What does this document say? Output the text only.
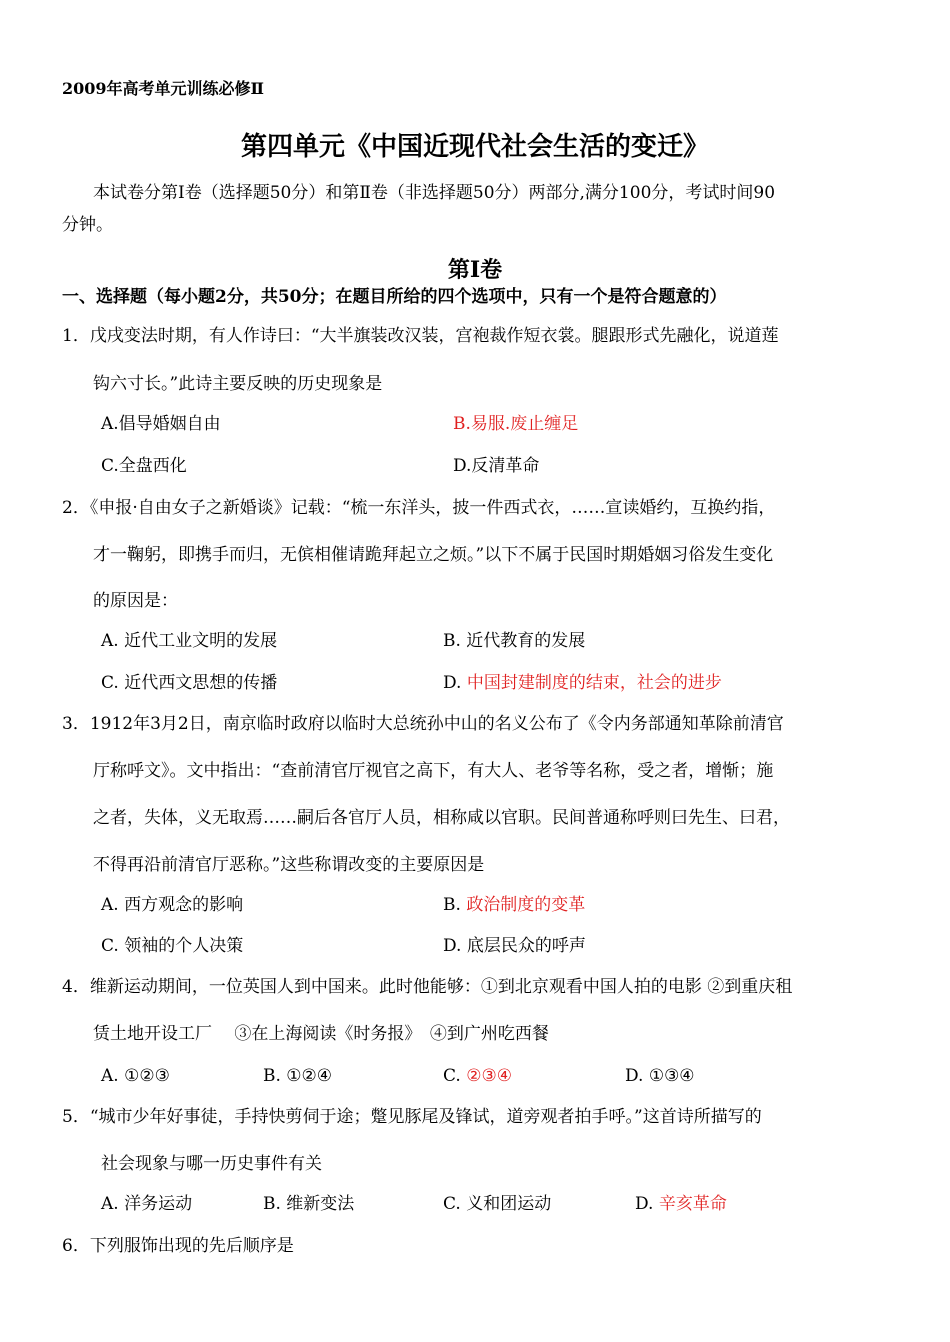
2009年高考单元训练必修Ⅱ
第四单元《中国近现代社会生活的变迁》
本试卷分第Ⅰ卷（选择题50分）和第Ⅱ卷（非选择题50分）两部分,满分100分，考试时间90
分钟。
第Ⅰ卷
一、选择题（每小题2分，共50分；在题目所给的四个选项中，只有一个是符合题意的）
1．戊戌变法时期，有人作诗曰：“大半旗装改汉装，宫袍裁作短衣裳。腿跟形式先融化，说道莲
钩六寸长。”此诗主要反映的历史现象是
A.倡导婚姻自由	B.易服.废止缠足
C.全盘西化	D.反清革命
2．《申报·自由女子之新婚谈》记载：“梳一东洋头，披一件西式衣，……宣读婚约，互换约指，
才一鞠躬，即携手而归，无傧相催请跪拜起立之烦。”以下不属于民国时期婚姻习俗发生变化
的原因是：
A. 近代工业文明的发展	B. 近代教育的发展
C. 近代西文思想的传播	D. 中国封建制度的结束，社会的进步
3．1912年3月2日，南京临时政府以临时大总统孙中山的名义公布了《令内务部通知革除前清官
厅称呼文》。文中指出：“查前清官厅视官之高下，有大人、老爷等名称，受之者，增惭；施
之者，失体，义无取焉……嗣后各官厅人员，相称咸以官职。民间普通称呼则曰先生、曰君，
不得再沿前清官厅恶称。”这些称谓改变的主要原因是
A. 西方观念的影响	B. 政治制度的变革
C. 领袖的个人决策	D. 底层民众的呼声
4．维新运动期间，一位英国人到中国来。此时他能够：①到北京观看中国人拍的电影 ②到重庆租
赁土地开设工厂　 ③在上海阅读《时务报》　④到广州吃西餐
A. ①②③	B. ①②④	C. ②③④	D. ①③④
5．“城市少年好事徒，手持快剪伺于途；蹩见豚尾及锋试，道旁观者拍手呼。”这首诗所描写的
社会现象与哪一历史事件有关
A. 洋务运动	B. 维新变法	C. 义和团运动	D. 辛亥革命
6．下列服饰出现的先后顺序是
